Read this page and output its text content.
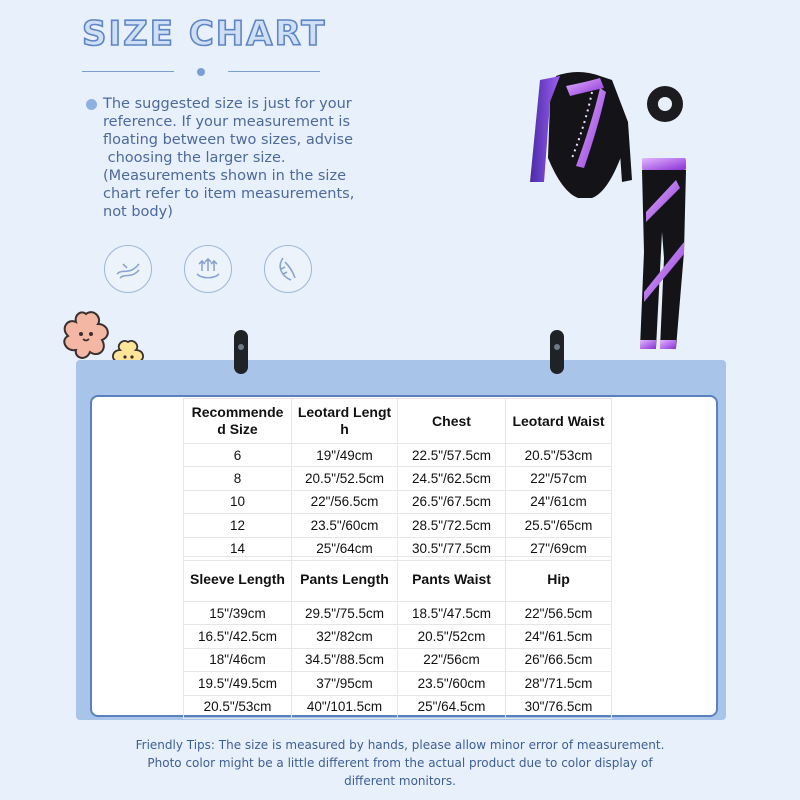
SIZE CHART

The suggested size is just for your
reference. If your measurement is
floating between two sizes, advise
choosing the larger size.
(Measurements shown in the size
chart refer to item measurements,
not body)

Recommende
d Size	Leotard Lengt
h	Chest	Leotard Waist
6	19"/49cm	22.5"/57.5cm	20.5"/53cm
8	20.5"/52.5cm	24.5"/62.5cm	22"/57cm
10	22"/56.5cm	26.5"/67.5cm	24"/61cm
12	23.5"/60cm	28.5"/72.5cm	25.5"/65cm
14	25"/64cm	30.5"/77.5cm	27"/69cm
Sleeve Length	Pants Length	Pants Waist	Hip
15"/39cm	29.5"/75.5cm	18.5"/47.5cm	22"/56.5cm
16.5"/42.5cm	32"/82cm	20.5"/52cm	24"/61.5cm
18"/46cm	34.5"/88.5cm	22"/56cm	26"/66.5cm
19.5"/49.5cm	37"/95cm	23.5"/60cm	28"/71.5cm
20.5"/53cm	40"/101.5cm	25"/64.5cm	30"/76.5cm
Friendly Tips: The size is measured by hands, please allow minor error of measurement.
Photo color might be a little different from the actual product due to color display of
different monitors.
